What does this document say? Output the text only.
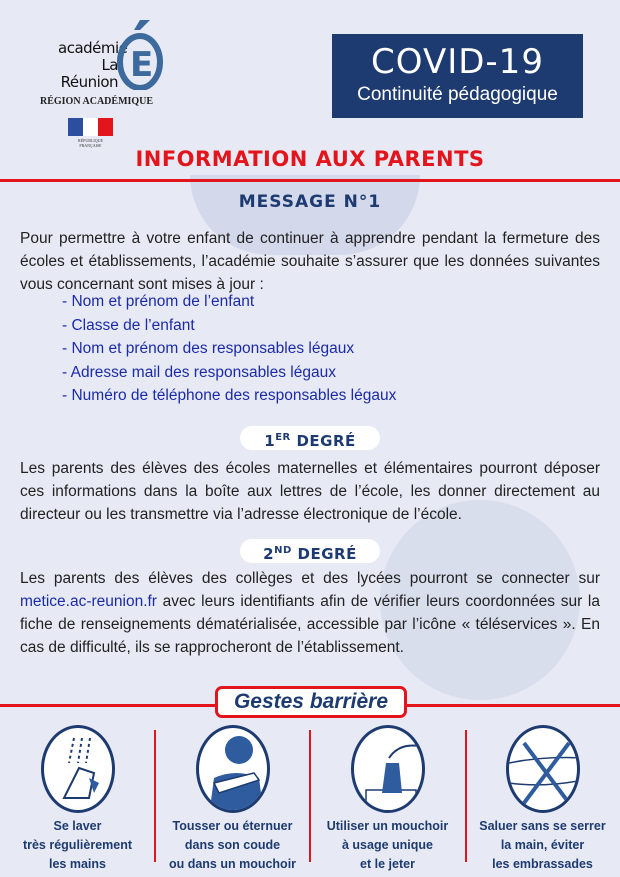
académie
La Réunion E
RÉGION ACADÉMIQUE
RÉPUBLIQUE FRANÇAISE
COVID-19
Continuité pédagogique
INFORMATION AUX PARENTS
MESSAGE N°1

Pour permettre à votre enfant de continuer à apprendre pendant la fermeture des écoles et établissements, l’académie souhaite s’assurer que les données suivantes vous concernant sont mises à jour :

- Nom et prénom de l’enfant
- Classe de l’enfant
- Nom et prénom des responsables légaux
- Adresse mail des responsables légaux
- Numéro de téléphone des responsables légaux
1ER DEGRÉ

Les parents des élèves des écoles maternelles et élémentaires pourront déposer ces informations dans la boîte aux lettres de l’école, les donner directement au directeur ou les transmettre via l’adresse électronique de l’école.

2ND DEGRÉ

Les parents des élèves des collèges et des lycées pourront se connecter sur metice.ac-reunion.fr avec leurs identifiants afin de vérifier leurs coordonnées sur la fiche de renseignements dématérialisée, accessible par l’icône « téléservices ». En cas de difficulté, ils se rapprocheront de l’établissement.

Gestes barrière
Se laver
très régulièrement
les mains
Tousser ou éternuer
dans son coude
ou dans un mouchoir
Utiliser un mouchoir
à usage unique
et le jeter
Saluer sans se serrer
la main, éviter
les embrassades
